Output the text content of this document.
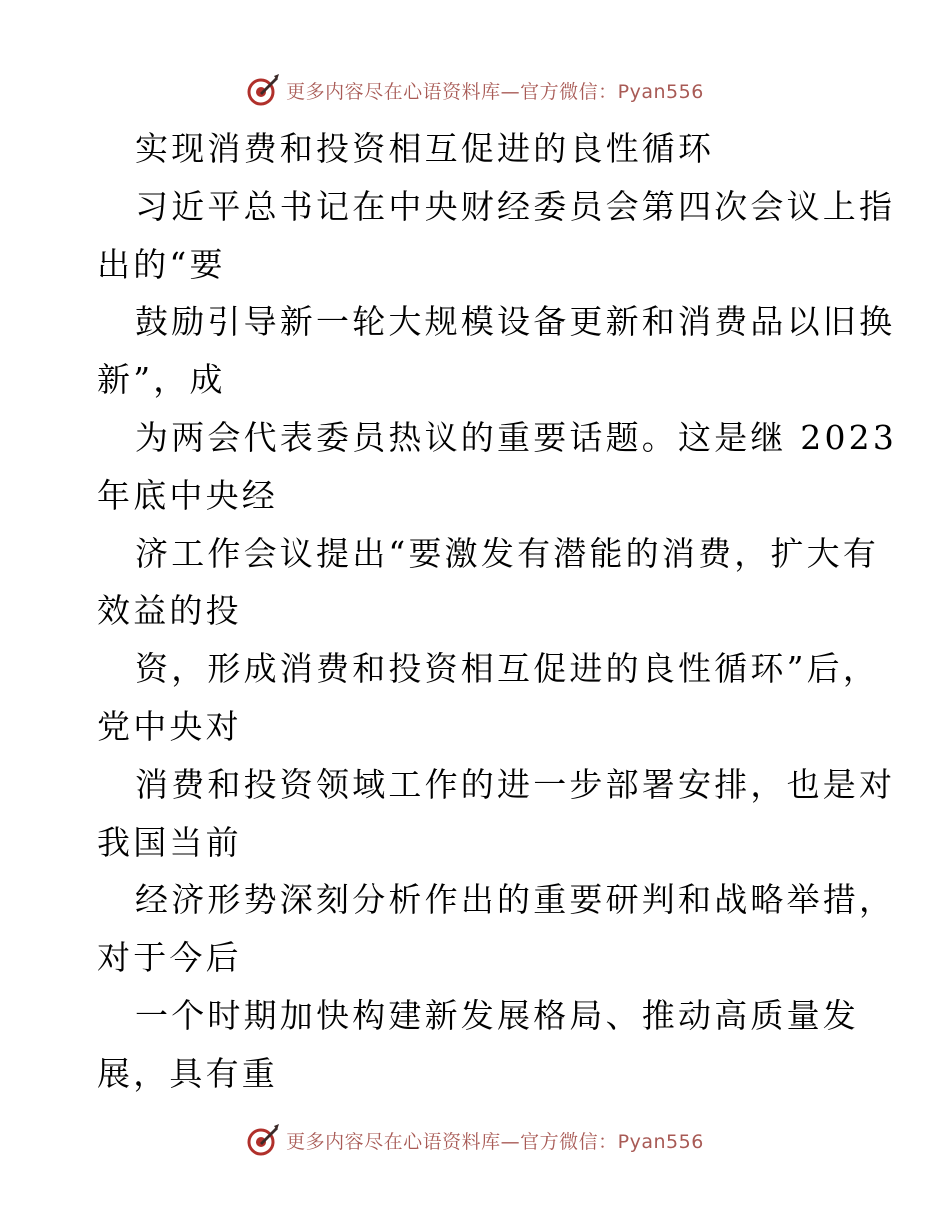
更多内容尽在心语资料库—官方微信：Pyan556
实现消费和投资相互促进的良性循环
习近平总书记在中央财经委员会第四次会议上指
出的“要
鼓励引导新一轮大规模设备更新和消费品以旧换
新”，成
为两会代表委员热议的重要话题。这是继 2023
年底中央经
济工作会议提出“要激发有潜能的消费，扩大有
效益的投
资，形成消费和投资相互促进的良性循环”后，
党中央对
消费和投资领域工作的进一步部署安排，也是对
我国当前
经济形势深刻分析作出的重要研判和战略举措，
对于今后
一个时期加快构建新发展格局、推动高质量发
展，具有重
更多内容尽在心语资料库—官方微信：Pyan556
